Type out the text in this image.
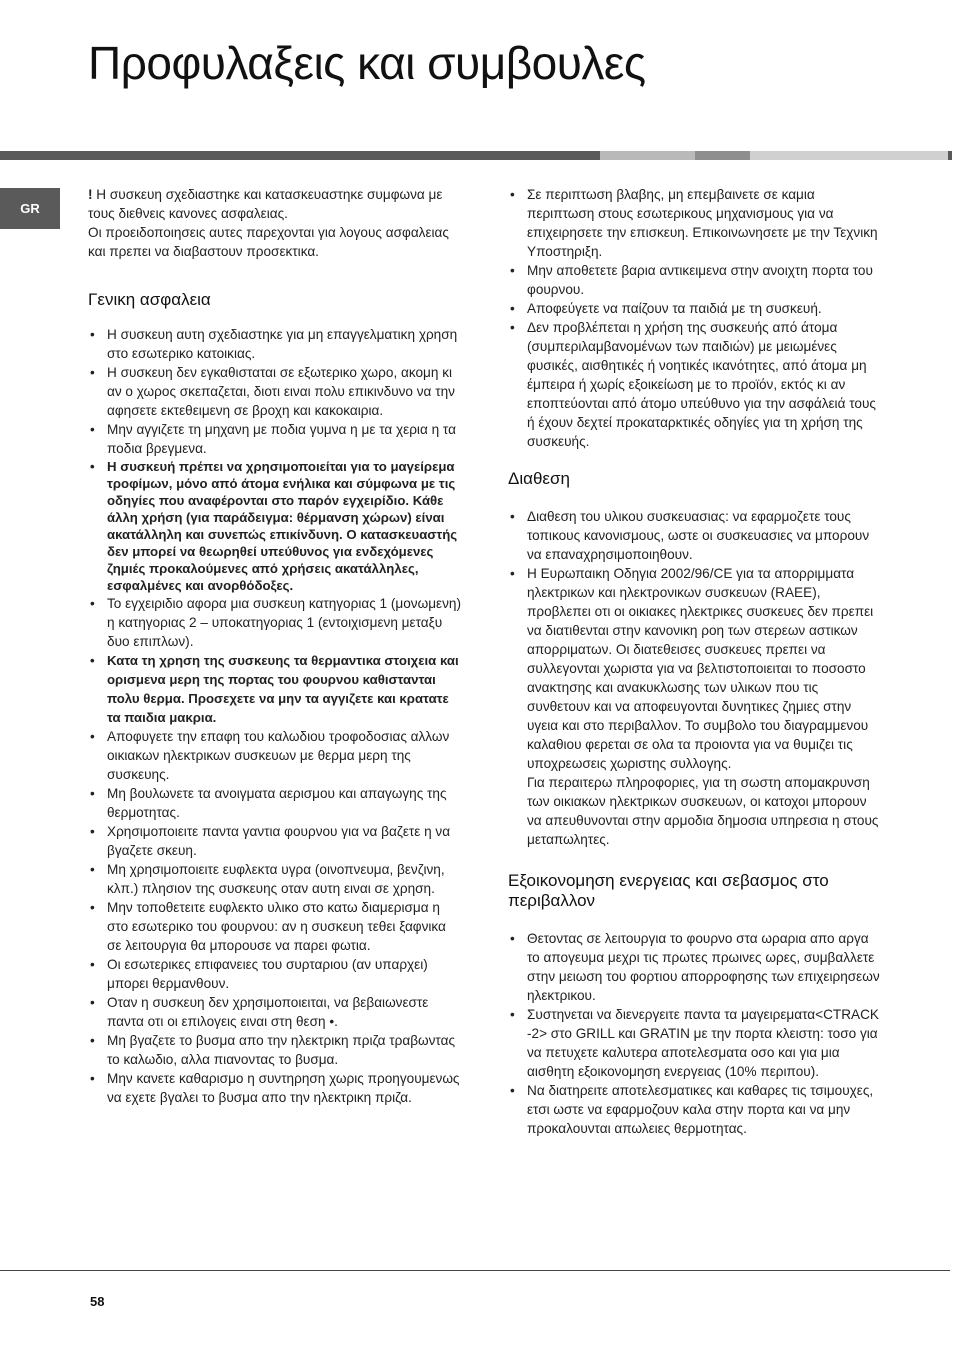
Προφυλαξεις και συμβουλες
GR

! Η συσκευη σχεδιαστηκε και κατασκευαστηκε συμφωνα με τους διεθνεις κανονες ασφαλειας.

Οι προειδοποιησεις αυτες παρεχονται για λογους ασφαλειας και πρεπει να διαβαστουν προσεκτικα.

Γενικη ασφαλεια
• Η συσκευη αυτη σχεδιαστηκε για μη επαγγελματικη χρηση στο εσωτερικο κατοικιας.
• Η συσκευη δεν εγκαθισταται σε εξωτερικο χωρο, ακομη κι αν ο χωρος σκεπαζεται, διοτι ειναι πολυ επικινδυνο να την αφησετε εκτεθειμενη σε βροχη και κακοκαιρια.
• Μην αγγιζετε τη μηχανη με ποδια γυμνα η με τα χερια η τα ποδια βρεγμενα.
• Η συσκευή πρέπει να χρησιμοποιείται για το μαγείρεμα τροφίμων, μόνο από άτομα ενήλικα και σύμφωνα με τις οδηγίες που αναφέρονται στο παρόν εγχειρίδιο. Κάθε άλλη χρήση (για παράδειγμα: θέρμανση χώρων) είναι ακατάλληλη και συνεπώς επικίνδυνη. Ο κατασκευαστής δεν μπορεί να θεωρηθεί υπεύθυνος για ενδεχόμενες ζημιές προκαλούμενες από χρήσεις ακατάλληλες, εσφαλμένες και ανορθόδοξες.
• Το εγχειριδιο αφορα μια συσκευη κατηγοριας 1 (μονωμενη) η κατηγοριας 2 – υποκατηγοριας 1 (εντοιχισμενη μεταξυ δυο επιπλων).
• Κατα τη χρηση της συσκευης τα θερμαντικα στοιχεια και ορισμενα μερη της πορτας του φουρνου καθιστανται πολυ θερμα. Προσεχετε να μην τα αγγιζετε και κρατατε τα παιδια μακρια.
• Αποφυγετε την επαφη του καλωδιου τροφοδοσιας αλλων οικιακων ηλεκτρικων συσκευων με θερμα μερη της συσκευης.
• Μη βουλωνετε τα ανοιγματα αερισμου και απαγωγης της θερμοτητας.
• Χρησιμοποιειτε παντα γαντια φουρνου για να βαζετε η να βγαζετε σκευη.
• Μη χρησιμοποιειτε ευφλεκτα υγρα (οινοπνευμα, βενζινη, κλπ.) πλησιον της συσκευης οταν αυτη ειναι σε χρηση.
• Μην τοποθετειτε ευφλεκτο υλικο στο κατω διαμερισμα η στο εσωτερικο του φουρνου: αν η συσκευη τεθει ξαφνικα σε λειτουργια θα μπορουσε να παρει φωτια.
• Οι εσωτερικες επιφανειες του συρταριου (αν υπαρχει) μπορει θερμανθουν.
• Οταν η συσκευη δεν χρησιμοποιειται, να βεβαιωνεστε παντα οτι οι επιλογεις ειναι στη θεση •.
• Μη βγαζετε το βυσμα απο την ηλεκτρικη πριζα τραβωντας το καλωδιο, αλλα πιανοντας το βυσμα.
• Μην κανετε καθαρισμο η συντηρηση χωρις προηγουμενως να εχετε βγαλει το βυσμα απο την ηλεκτρικη πριζα.
• Σε περιπτωση βλαβης, μη επεμβαινετε σε καμια περιπτωση στους εσωτερικους μηχανισμους για να επιχειρησετε την επισκευη. Επικοινωνησετε με την Τεχνικη Υποστηριξη.
• Μην αποθετετε βαρια αντικειμενα στην ανοιχτη πορτα του φουρνου.
• Αποφεύγετε να παίζουν τα παιδιά με τη συσκευή.
• Δεν προβλέπεται η χρήση της συσκευής από άτομα (συμπεριλαμβανομένων των παιδιών) με μειωμένες φυσικές, αισθητικές ή νοητικές ικανότητες, από άτομα μη έμπειρα ή χωρίς εξοικείωση με το προϊόν, εκτός κι αν εποπτεύονται από άτομο υπεύθυνο για την ασφάλειά τους ή έχουν δεχτεί προκαταρκτικές οδηγίες για τη χρήση της συσκευής.
Διαθεση
• Διαθεση του υλικου συσκευασιας: να εφαρμοζετε τους τοπικους κανονισμους, ωστε οι συσκευασιες να μπορουν να επαναχρησιμοποιηθουν.
• Η Ευρωπαικη Οδηγια 2002/96/CE για τα απορριμματα ηλεκτρικων και ηλεκτρονικων συσκευων (RAEE), προβλεπει οτι οι οικιακες ηλεκτρικες συσκευες δεν πρεπει να διατιθενται στην κανονικη ροη των στερεων αστικων απορριματων. Οι διατεθεισες συσκευες πρεπει να συλλεγονται χωριστα για να βελτιστοποιειται το ποσοστο ανακτησης και ανακυκλωσης των υλικων που τις συνθετουν και να αποφευγονται δυνητικες ζημιες στην υγεια και στο περιβαλλον. Το συμβολο του διαγραμμενου καλαθιου φερεται σε ολα τα προιοντα για να θυμιζει τις υποχρεωσεις χωριστης συλλογης.

Για περαιτερω πληροφοριες, για τη σωστη απομακρυνση των οικιακων ηλεκτρικων συσκευων, οι κατοχοι μπορουν να απευθυνονται στην αρμοδια δημοσια υπηρεσια η στους μεταπωλητες.

Εξοικονομηση ενεργειας και σεβασμος στο περιβαλλον
• Θετοντας σε λειτουργια το φουρνο στα ωραρια απο αργα το απογευμα μεχρι τις πρωτες πρωινες ωρες, συμβαλλετε στην μειωση του φορτιου απορροφησης των επιχειρησεων ηλεκτρικου.
• Συστηνεται να διενεργειτε παντα τα μαγειρεματα<CTRACK -2> στο GRILL και GRATIN με την πορτα κλειστη: τοσο για να πετυχετε καλυτερα αποτελεσματα οσο και για μια αισθητη εξοικονομηση ενεργειας (10% περιπου).
• Να διατηρειτε αποτελεσματικες και καθαρες τις τσιμουχες, ετσι ωστε να εφαρμοζουν καλα στην πορτα και να μην προκαλουνται απωλειες θερμοτητας.
58
